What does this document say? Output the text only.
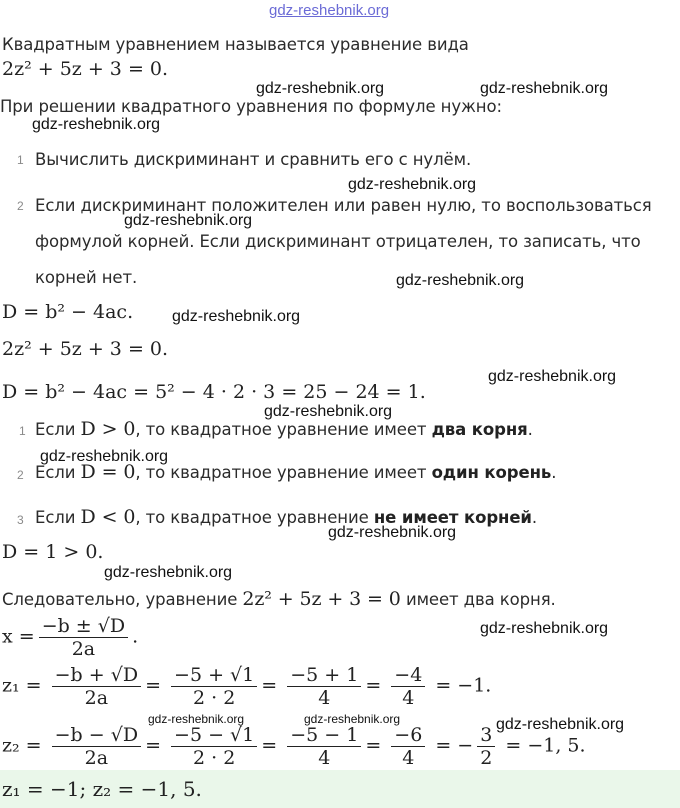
gdz-reshebnik.org
gdz-reshebnik.org	gdz-reshebnik.org
gdz-reshebnik.org
gdz-reshebnik.org
gdz-reshebnik.org
gdz-reshebnik.org
gdz-reshebnik.org
gdz-reshebnik.org
gdz-reshebnik.org
gdz-reshebnik.org
gdz-reshebnik.org
gdz-reshebnik.org
gdz-reshebnik.org
gdz-reshebnik.org	gdz-reshebnik.org	gdz-reshebnik.org
Квадратным уравнением называется уравнение вида
2z² + 5z + 3 = 0.
При решении квадратного уравнения по формуле нужно:
1 Вычислить дискриминант и сравнить его с нулём.
2 Если дискриминант положителен или равен нулю, то воспользоваться
формулой корней. Если дискриминант отрицателен, то записать, что
корней нет.
D = b² − 4ac.
2z² + 5z + 3 = 0.
D = b² − 4ac = 5² − 4 · 2 · 3 = 25 − 24 = 1.
1 Если D > 0, то квадратное уравнение имеет два корня.
2 Если D = 0, то квадратное уравнение имеет один корень.
3 Если D < 0, то квадратное уравнение не имеет корней.
D = 1 > 0.
Следовательно, уравнение 2z² + 5z + 3 = 0 имеет два корня.
$x = \frac{-b \pm √D}{2a}$ .
$z_1 = \frac{-b + √D}{2a} = \frac{-5 + √1}{2 \cdot 2} = \frac{-5 + 1}{4} = \frac{-4}{4} = -1$.
$z_2 = \frac{-b - √D}{2a} = \frac{-5 - √1}{2 \cdot 2} = \frac{-5 - 1}{4} = \frac{-6}{4}$ = − $\frac{3}{2} = -1$, 5.
z₁ = −1; z₂ = −1, 5.
